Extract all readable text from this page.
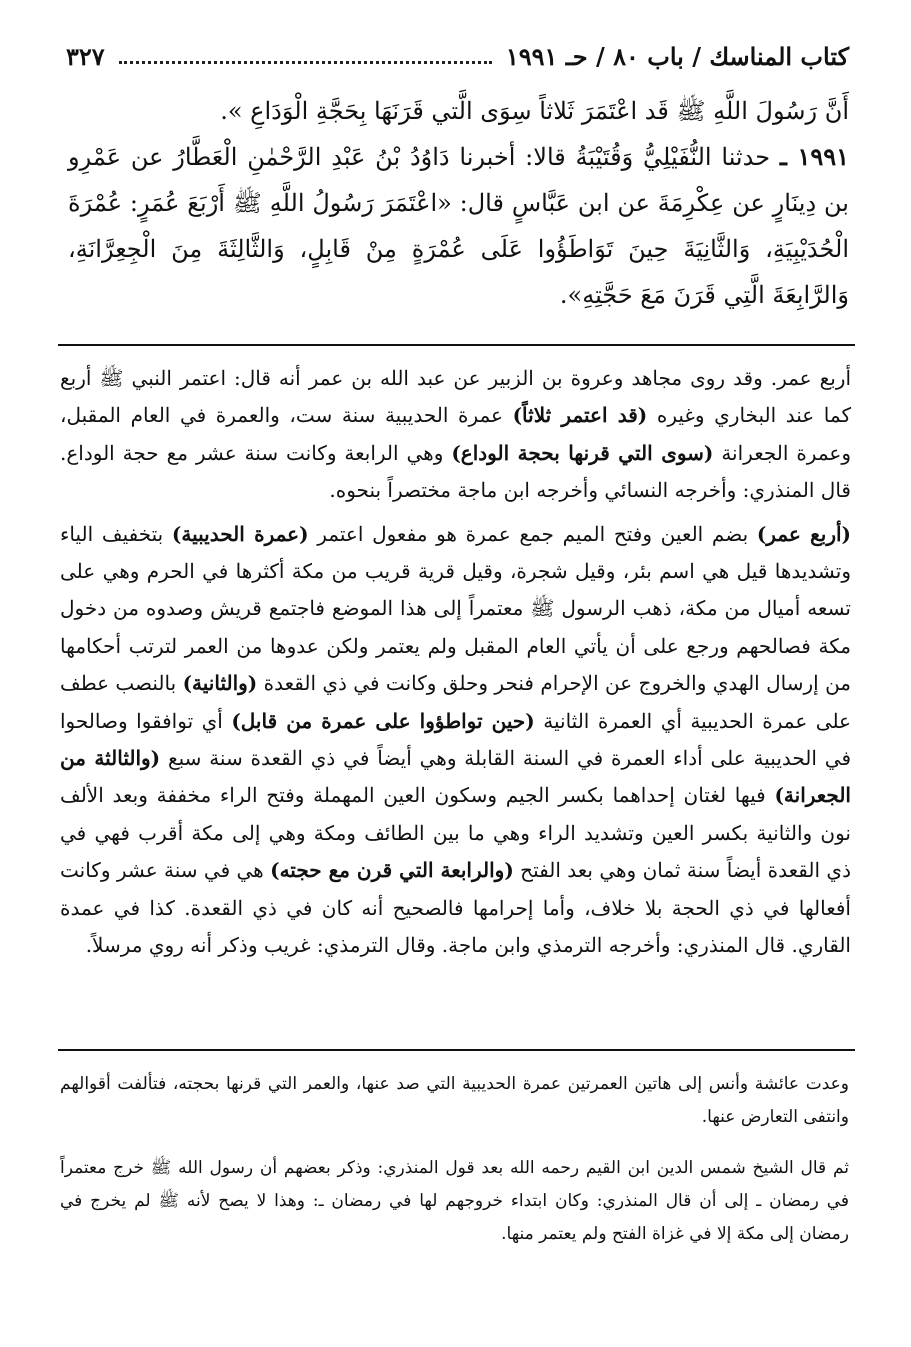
كتاب المناسك / باب ٨٠ / حـ ١٩٩١
٣٢٧

أَنَّ رَسُولَ اللَّهِ ﷺ قَد اعْتَمَرَ ثَلاثاً سِوَى الَّتي قَرَنَهَا بِحَجَّةِ الْوَدَاعِ ».

١٩٩١ ـ حدثنا النُّفَيْلِيُّ وَقُتَيْبَةُ قالا: أخبرنا دَاوُدُ بْنُ عَبْدِ الرَّحْمٰنِ الْعَطَّارُ عن عَمْرِو بن دِينَارٍ عن عِكْرِمَةَ عن ابن عَبَّاسٍ قال: «اعْتَمَرَ رَسُولُ اللَّهِ ﷺ أَرْبَعَ عُمَرٍ: عُمْرَةَ الْحُدَيْبِيَةِ، وَالثَّانِيَةَ حِينَ تَوَاطَؤُوا عَلَى عُمْرَةٍ مِنْ قَابِلٍ، وَالثَّالِثَةَ مِنَ الْجِعِرَّانَةِ، وَالرَّابِعَةَ الَّتِي قَرَنَ مَعَ حَجَّتِهِ».

أربع عمر. وقد روى مجاهد وعروة بن الزبير عن عبد الله بن عمر أنه قال: اعتمر النبي ﷺ أربع كما عند البخاري وغيره (قد اعتمر ثلاثاً) عمرة الحديبية سنة ست، والعمرة في العام المقبل، وعمرة الجعرانة (سوى التي قرنها بحجة الوداع) وهي الرابعة وكانت سنة عشر مع حجة الوداع. قال المنذري: وأخرجه النسائي وأخرجه ابن ماجة مختصراً بنحوه.

(أربع عمر) بضم العين وفتح الميم جمع عمرة هو مفعول اعتمر (عمرة الحديبية) بتخفيف الياء وتشديدها قيل هي اسم بئر، وقيل شجرة، وقيل قرية قريب من مكة أكثرها في الحرم وهي على تسعه أميال من مكة، ذهب الرسول ﷺ معتمراً إلى هذا الموضع فاجتمع قريش وصدوه من دخول مكة فصالحهم ورجع على أن يأتي العام المقبل ولم يعتمر ولكن عدوها من العمر لترتب أحكامها من إرسال الهدي والخروج عن الإحرام فنحر وحلق وكانت في ذي القعدة (والثانية) بالنصب عطف على عمرة الحديبية أي العمرة الثانية (حين تواطؤوا على عمرة من قابل) أي توافقوا وصالحوا في الحديبية على أداء العمرة في السنة القابلة وهي أيضاً في ذي القعدة سنة سبع (والثالثة من الجعرانة) فيها لغتان إحداهما بكسر الجيم وسكون العين المهملة وفتح الراء مخففة وبعد الألف نون والثانية بكسر العين وتشديد الراء وهي ما بين الطائف ومكة وهي إلى مكة أقرب فهي في ذي القعدة أيضاً سنة ثمان وهي بعد الفتح (والرابعة التي قرن مع حجته) هي في سنة عشر وكانت أفعالها في ذي الحجة بلا خلاف، وأما إحرامها فالصحيح أنه كان في ذي القعدة. كذا في عمدة القاري. قال المنذري: وأخرجه الترمذي وابن ماجة. وقال الترمذي: غريب وذكر أنه روي مرسلاً.

وعدت عائشة وأنس إلى هاتين العمرتين عمرة الحديبية التي صد عنها، والعمر التي قرنها بحجته، فتألفت أقوالهم وانتفى التعارض عنها.

ثم قال الشيخ شمس الدين ابن القيم رحمه الله بعد قول المنذري: وذكر بعضهم أن رسول الله ﷺ خرج معتمراً في رمضان ـ إلى أن قال المنذري: وكان ابتداء خروجهم لها في رمضان ـ: وهذا لا يصح لأنه ﷺ لم يخرج في رمضان إلى مكة إلا في غزاة الفتح ولم يعتمر منها.
